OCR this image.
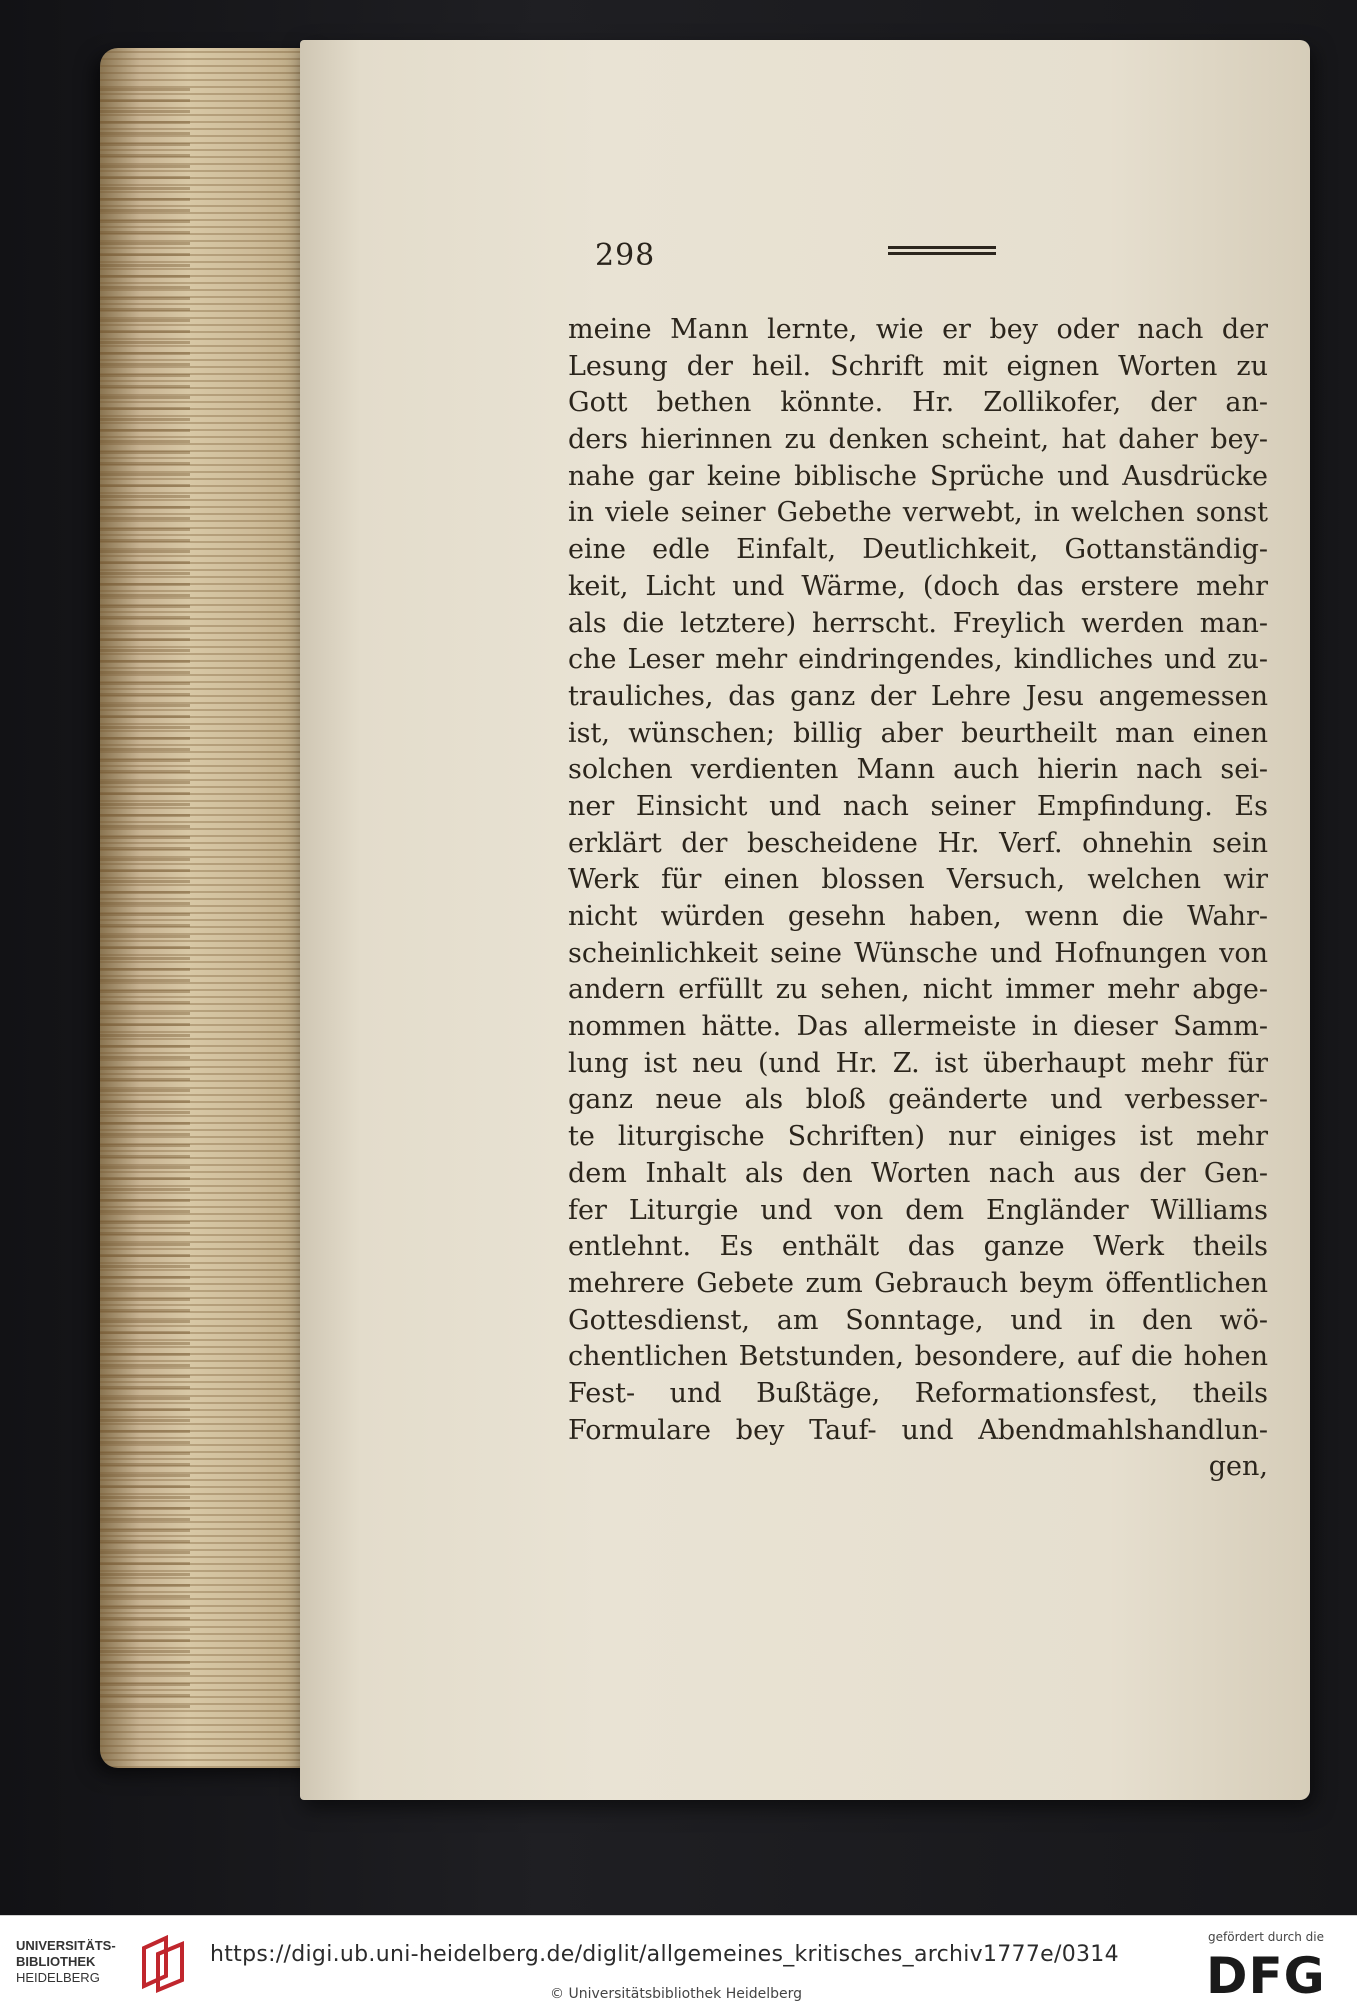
298
meine Mann lernte, wie er bey oder nach der
Lesung der heil. Schrift mit eignen Worten zu
Gott bethen könnte. Hr. Zollikofer, der an-
ders hierinnen zu denken scheint, hat daher bey-
nahe gar keine biblische Sprüche und Ausdrücke
in viele seiner Gebethe verwebt, in welchen sonst
eine edle Einfalt, Deutlichkeit, Gottanständig-
keit, Licht und Wärme, (doch das erstere mehr
als die letztere) herrscht. Freylich werden man-
che Leser mehr eindringendes, kindliches und zu-
trauliches, das ganz der Lehre Jesu angemessen
ist, wünschen; billig aber beurtheilt man einen
solchen verdienten Mann auch hierin nach sei-
ner Einsicht und nach seiner Empfindung. Es
erklärt der bescheidene Hr. Verf. ohnehin sein
Werk für einen blossen Versuch, welchen wir
nicht würden gesehn haben, wenn die Wahr-
scheinlichkeit seine Wünsche und Hofnungen von
andern erfüllt zu sehen, nicht immer mehr abge-
nommen hätte. Das allermeiste in dieser Samm-
lung ist neu (und Hr. Z. ist überhaupt mehr für
ganz neue als bloß geänderte und verbesser-
te liturgische Schriften) nur einiges ist mehr
dem Inhalt als den Worten nach aus der Gen-
fer Liturgie und von dem Engländer Williams
entlehnt. Es enthält das ganze Werk theils
mehrere Gebete zum Gebrauch beym öffentlichen
Gottesdienst, am Sonntage, und in den wö-
chentlichen Betstunden, besondere, auf die hohen
Fest- und Bußtäge, Reformationsfest, theils
Formulare bey Tauf- und Abendmahlshandlun-
gen,
UNIVERSITÄTS-
BIBLIOTHEK
HEIDELBERG
https://digi.ub.uni-heidelberg.de/diglit/allgemeines_kritisches_archiv1777e/0314
© Universitätsbibliothek Heidelberg
gefördert durch die
DFG
